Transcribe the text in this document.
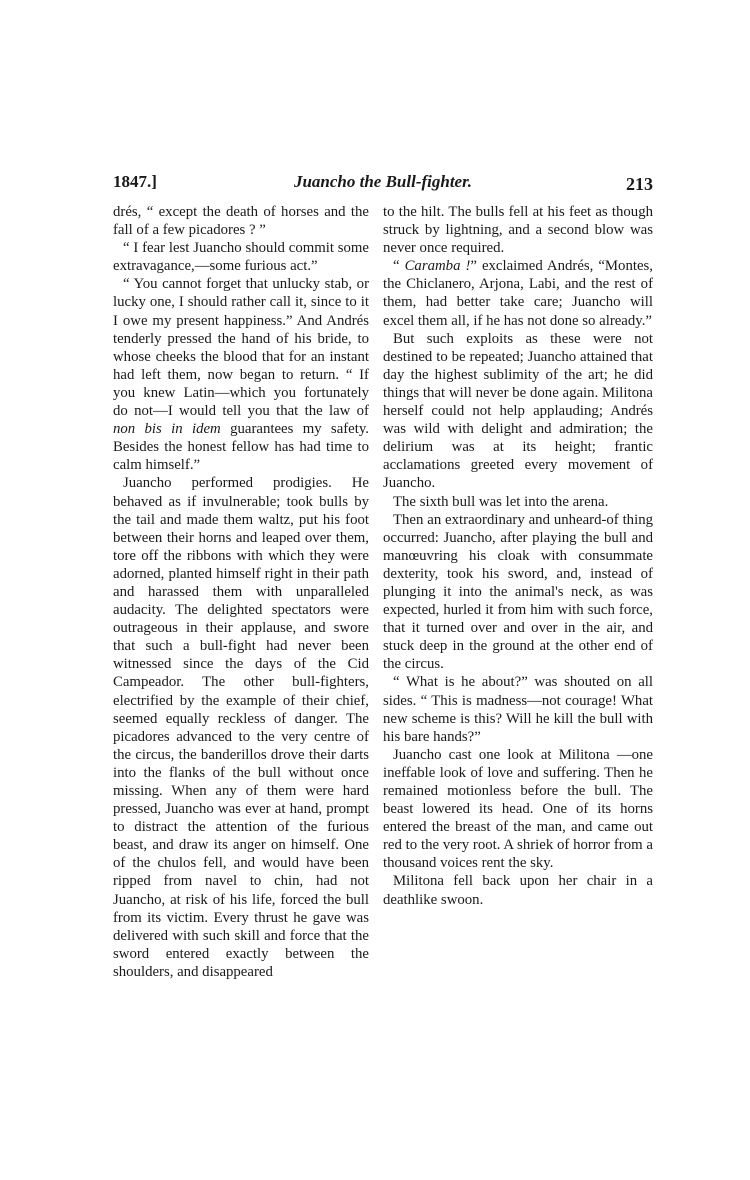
1847.]	Juancho the Bull-fighter.	213

drés, “ except the death of horses and the fall of a few picadores ? ”

“ I fear lest Juancho should commit some extravagance,—some furious act.”

“ You cannot forget that unlucky stab, or lucky one, I should rather call it, since to it I owe my present happiness.” And Andrés tenderly pressed the hand of his bride, to whose cheeks the blood that for an instant had left them, now began to return. “ If you knew Latin—which you fortunately do not—I would tell you that the law of non bis in idem guarantees my safety. Besides the honest fellow has had time to calm himself.”

Juancho performed prodigies. He behaved as if invulnerable; took bulls by the tail and made them waltz, put his foot between their horns and leaped over them, tore off the ribbons with which they were adorned, planted himself right in their path and harassed them with unparalleled audacity. The delighted spectators were outrageous in their applause, and swore that such a bull-fight had never been witnessed since the days of the Cid Campeador. The other bull-fighters, electrified by the example of their chief, seemed equally reckless of danger. The picadores advanced to the very centre of the circus, the banderillos drove their darts into the flanks of the bull without once missing. When any of them were hard pressed, Juancho was ever at hand, prompt to distract the attention of the furious beast, and draw its anger on himself. One of the chulos fell, and would have been ripped from navel to chin, had not Juancho, at risk of his life, forced the bull from its victim. Every thrust he gave was delivered with such skill and force that the sword entered exactly between the shoulders, and disappeared

to the hilt. The bulls fell at his feet as though struck by lightning, and a second blow was never once required.

“ Caramba !” exclaimed Andrés, “Montes, the Chiclanero, Arjona, Labi, and the rest of them, had better take care; Juancho will excel them all, if he has not done so already.”

But such exploits as these were not destined to be repeated; Juancho attained that day the highest sublimity of the art; he did things that will never be done again. Militona herself could not help applauding; Andrés was wild with delight and admiration; the delirium was at its height; frantic acclamations greeted every movement of Juancho.

The sixth bull was let into the arena.

Then an extraordinary and unheard-of thing occurred: Juancho, after playing the bull and manœuvring his cloak with consummate dexterity, took his sword, and, instead of plunging it into the animal's neck, as was expected, hurled it from him with such force, that it turned over and over in the air, and stuck deep in the ground at the other end of the circus.

“ What is he about?” was shouted on all sides. “ This is madness—not courage! What new scheme is this? Will he kill the bull with his bare hands?”

Juancho cast one look at Militona —one ineffable look of love and suffering. Then he remained motionless before the bull. The beast lowered its head. One of its horns entered the breast of the man, and came out red to the very root. A shriek of horror from a thousand voices rent the sky.

Militona fell back upon her chair in a deathlike swoon.
